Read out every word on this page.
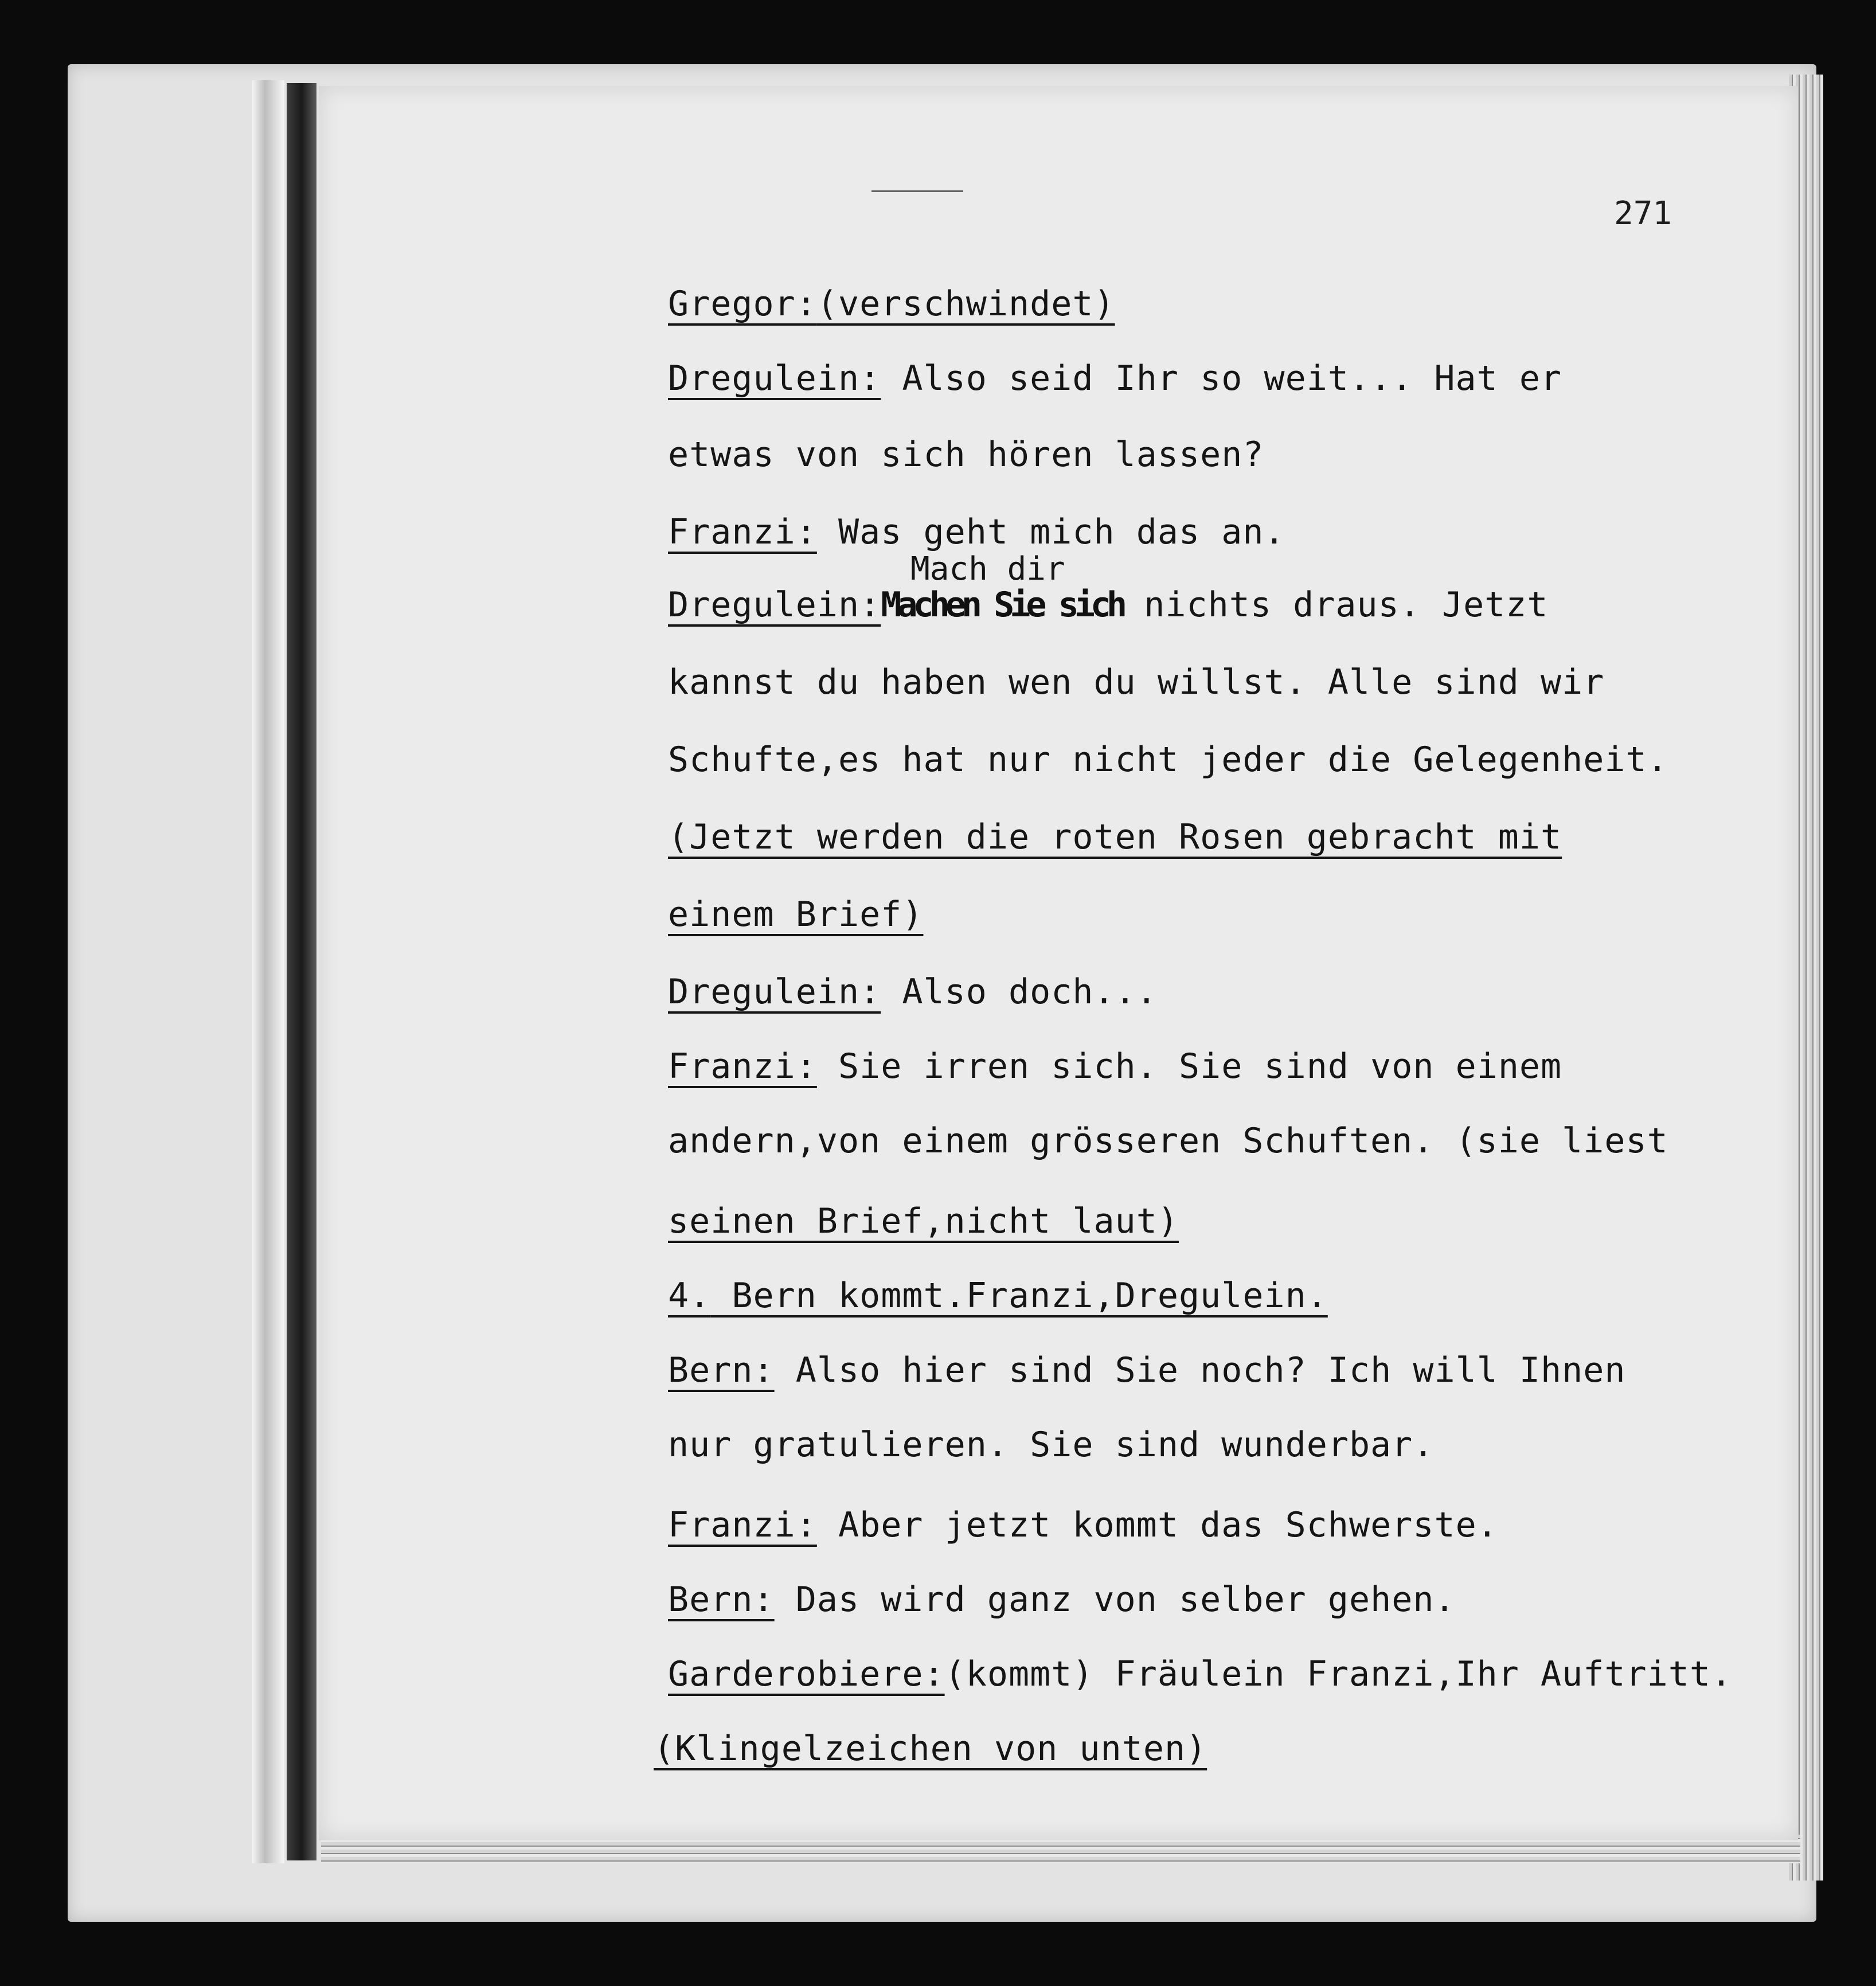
271
Gregor:(verschwindet)
Dregulein: Also seid Ihr so weit... Hat er
etwas von sich hören lassen?
Franzi: Was geht mich das an.
Mach dir
Dregulein:Machen Sie sich nichts draus. Jetzt
kannst du haben wen du willst. Alle sind wir
Schufte,es hat nur nicht jeder die Gelegenheit.
(Jetzt werden die roten Rosen gebracht mit
einem Brief)
Dregulein: Also doch...
Franzi: Sie irren sich. Sie sind von einem
andern,von einem grösseren Schuften. (sie liest
seinen Brief,nicht laut)
4. Bern kommt.Franzi,Dregulein.
Bern: Also hier sind Sie noch? Ich will Ihnen
nur gratulieren. Sie sind wunderbar.
Franzi: Aber jetzt kommt das Schwerste.
Bern: Das wird ganz von selber gehen.
Garderobiere:(kommt) Fräulein Franzi,Ihr Auftritt.
(Klingelzeichen von unten)
